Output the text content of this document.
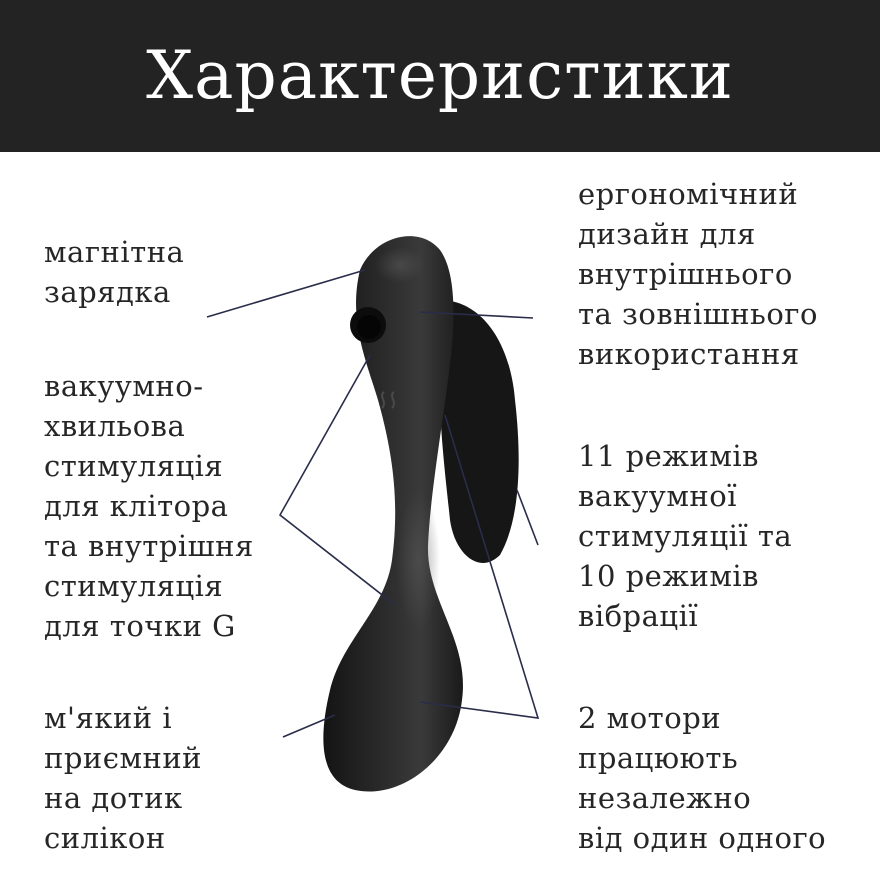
Характеристики
магнітна
зарядка
вакуумно-
хвильова
стимуляція
для клітора
та внутрішня
стимуляція
для точки G
м'який і
приємний
на дотик
силікон
ергономічний
дизайн для
внутрішнього
та зовнішнього
використання
11 режимів
вакуумної
стимуляції та
10 режимів
вібрації
2 мотори
працюють
незалежно
від один одного
